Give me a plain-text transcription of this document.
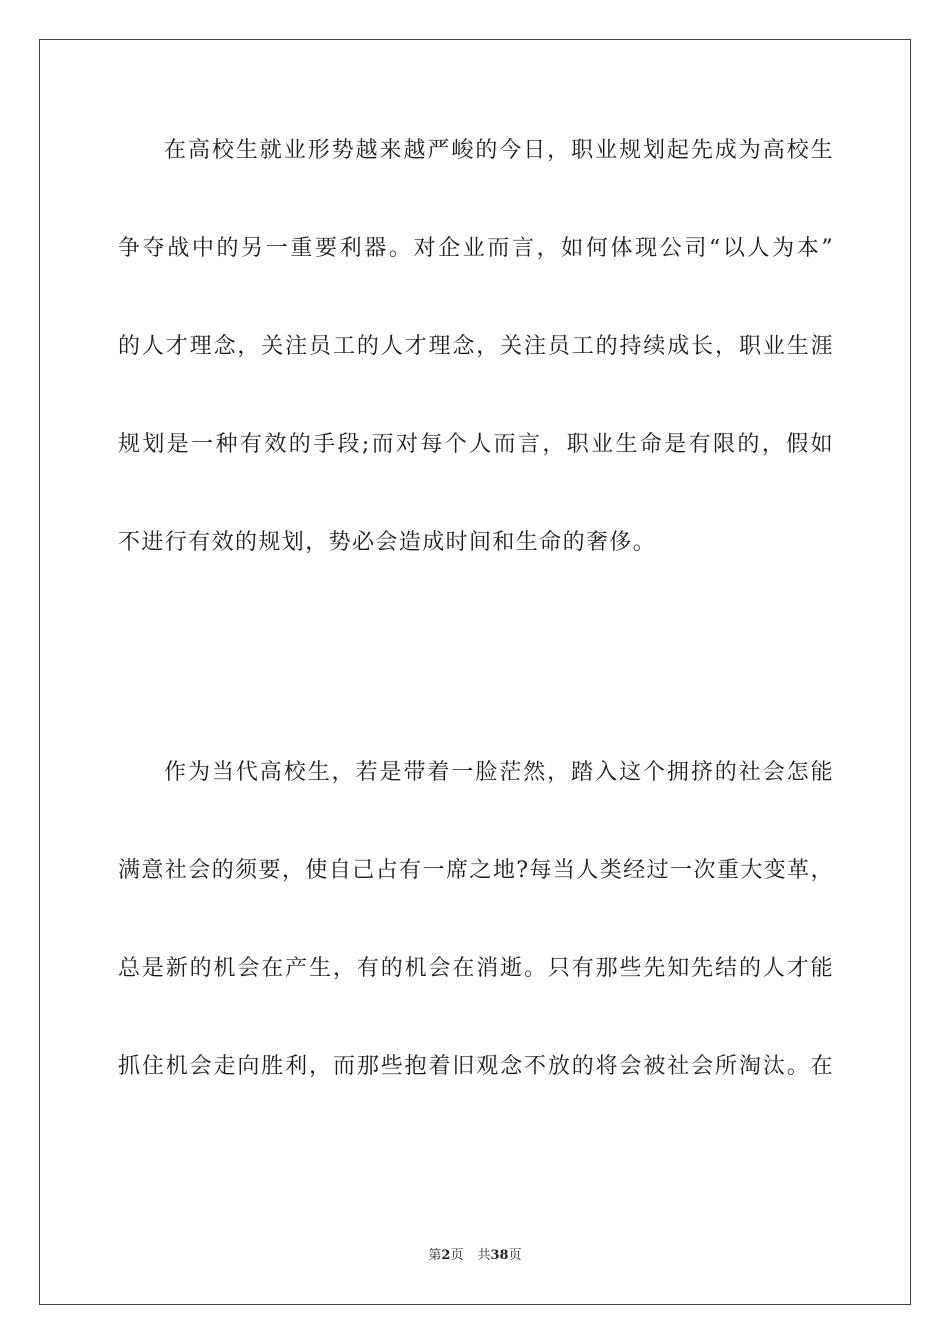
在高校生就业形势越来越严峻的今日，职业规划起先成为高校生
争夺战中的另一重要利器。对企业而言，如何体现公司“以人为本”
的人才理念，关注员工的人才理念，关注员工的持续成长，职业生涯
规划是一种有效的手段;而对每个人而言，职业生命是有限的，假如
不进行有效的规划，势必会造成时间和生命的奢侈。
作为当代高校生，若是带着一脸茫然，踏入这个拥挤的社会怎能
满意社会的须要，使自己占有一席之地?每当人类经过一次重大变革，
总是新的机会在产生，有的机会在消逝。只有那些先知先结的人才能
抓住机会走向胜利，而那些抱着旧观念不放的将会被社会所淘汰。在
第2页 共38页
